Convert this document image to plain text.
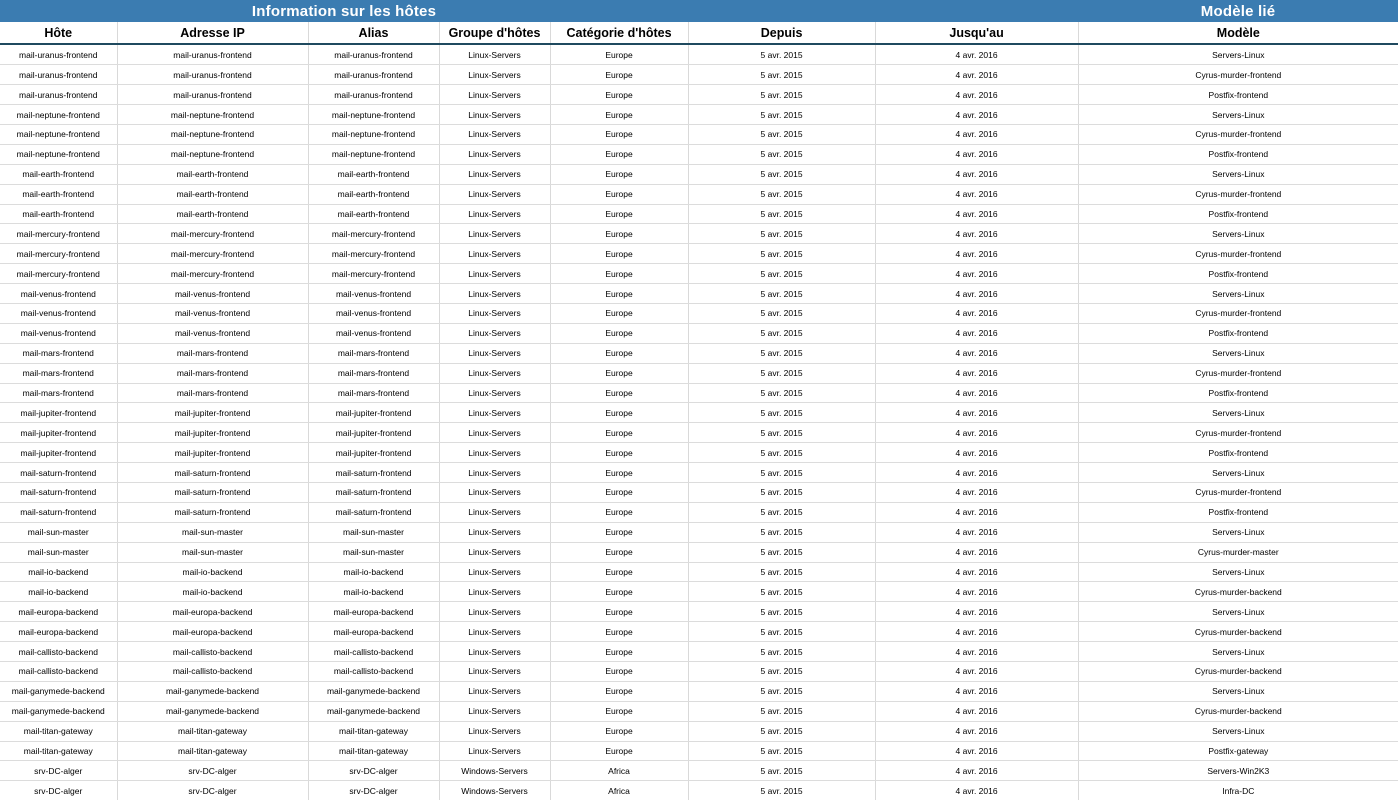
Information sur les hôtes							Modèle lié
Hôte	Adresse IP	Alias	Groupe d'hôtes	Catégorie d'hôtes	Depuis	Jusqu'au	Modèle
mail-uranus-frontend	mail-uranus-frontend	mail-uranus-frontend	Linux-Servers	Europe	5 avr. 2015	4 avr. 2016	Servers-Linux
mail-uranus-frontend	mail-uranus-frontend	mail-uranus-frontend	Linux-Servers	Europe	5 avr. 2015	4 avr. 2016	Cyrus-murder-frontend
mail-uranus-frontend	mail-uranus-frontend	mail-uranus-frontend	Linux-Servers	Europe	5 avr. 2015	4 avr. 2016	Postfix-frontend
mail-neptune-frontend	mail-neptune-frontend	mail-neptune-frontend	Linux-Servers	Europe	5 avr. 2015	4 avr. 2016	Servers-Linux
mail-neptune-frontend	mail-neptune-frontend	mail-neptune-frontend	Linux-Servers	Europe	5 avr. 2015	4 avr. 2016	Cyrus-murder-frontend
mail-neptune-frontend	mail-neptune-frontend	mail-neptune-frontend	Linux-Servers	Europe	5 avr. 2015	4 avr. 2016	Postfix-frontend
mail-earth-frontend	mail-earth-frontend	mail-earth-frontend	Linux-Servers	Europe	5 avr. 2015	4 avr. 2016	Servers-Linux
mail-earth-frontend	mail-earth-frontend	mail-earth-frontend	Linux-Servers	Europe	5 avr. 2015	4 avr. 2016	Cyrus-murder-frontend
mail-earth-frontend	mail-earth-frontend	mail-earth-frontend	Linux-Servers	Europe	5 avr. 2015	4 avr. 2016	Postfix-frontend
mail-mercury-frontend	mail-mercury-frontend	mail-mercury-frontend	Linux-Servers	Europe	5 avr. 2015	4 avr. 2016	Servers-Linux
mail-mercury-frontend	mail-mercury-frontend	mail-mercury-frontend	Linux-Servers	Europe	5 avr. 2015	4 avr. 2016	Cyrus-murder-frontend
mail-mercury-frontend	mail-mercury-frontend	mail-mercury-frontend	Linux-Servers	Europe	5 avr. 2015	4 avr. 2016	Postfix-frontend
mail-venus-frontend	mail-venus-frontend	mail-venus-frontend	Linux-Servers	Europe	5 avr. 2015	4 avr. 2016	Servers-Linux
mail-venus-frontend	mail-venus-frontend	mail-venus-frontend	Linux-Servers	Europe	5 avr. 2015	4 avr. 2016	Cyrus-murder-frontend
mail-venus-frontend	mail-venus-frontend	mail-venus-frontend	Linux-Servers	Europe	5 avr. 2015	4 avr. 2016	Postfix-frontend
mail-mars-frontend	mail-mars-frontend	mail-mars-frontend	Linux-Servers	Europe	5 avr. 2015	4 avr. 2016	Servers-Linux
mail-mars-frontend	mail-mars-frontend	mail-mars-frontend	Linux-Servers	Europe	5 avr. 2015	4 avr. 2016	Cyrus-murder-frontend
mail-mars-frontend	mail-mars-frontend	mail-mars-frontend	Linux-Servers	Europe	5 avr. 2015	4 avr. 2016	Postfix-frontend
mail-jupiter-frontend	mail-jupiter-frontend	mail-jupiter-frontend	Linux-Servers	Europe	5 avr. 2015	4 avr. 2016	Servers-Linux
mail-jupiter-frontend	mail-jupiter-frontend	mail-jupiter-frontend	Linux-Servers	Europe	5 avr. 2015	4 avr. 2016	Cyrus-murder-frontend
mail-jupiter-frontend	mail-jupiter-frontend	mail-jupiter-frontend	Linux-Servers	Europe	5 avr. 2015	4 avr. 2016	Postfix-frontend
mail-saturn-frontend	mail-saturn-frontend	mail-saturn-frontend	Linux-Servers	Europe	5 avr. 2015	4 avr. 2016	Servers-Linux
mail-saturn-frontend	mail-saturn-frontend	mail-saturn-frontend	Linux-Servers	Europe	5 avr. 2015	4 avr. 2016	Cyrus-murder-frontend
mail-saturn-frontend	mail-saturn-frontend	mail-saturn-frontend	Linux-Servers	Europe	5 avr. 2015	4 avr. 2016	Postfix-frontend
mail-sun-master	mail-sun-master	mail-sun-master	Linux-Servers	Europe	5 avr. 2015	4 avr. 2016	Servers-Linux
mail-sun-master	mail-sun-master	mail-sun-master	Linux-Servers	Europe	5 avr. 2015	4 avr. 2016	Cyrus-murder-master
mail-io-backend	mail-io-backend	mail-io-backend	Linux-Servers	Europe	5 avr. 2015	4 avr. 2016	Servers-Linux
mail-io-backend	mail-io-backend	mail-io-backend	Linux-Servers	Europe	5 avr. 2015	4 avr. 2016	Cyrus-murder-backend
mail-europa-backend	mail-europa-backend	mail-europa-backend	Linux-Servers	Europe	5 avr. 2015	4 avr. 2016	Servers-Linux
mail-europa-backend	mail-europa-backend	mail-europa-backend	Linux-Servers	Europe	5 avr. 2015	4 avr. 2016	Cyrus-murder-backend
mail-callisto-backend	mail-callisto-backend	mail-callisto-backend	Linux-Servers	Europe	5 avr. 2015	4 avr. 2016	Servers-Linux
mail-callisto-backend	mail-callisto-backend	mail-callisto-backend	Linux-Servers	Europe	5 avr. 2015	4 avr. 2016	Cyrus-murder-backend
mail-ganymede-backend	mail-ganymede-backend	mail-ganymede-backend	Linux-Servers	Europe	5 avr. 2015	4 avr. 2016	Servers-Linux
mail-ganymede-backend	mail-ganymede-backend	mail-ganymede-backend	Linux-Servers	Europe	5 avr. 2015	4 avr. 2016	Cyrus-murder-backend
mail-titan-gateway	mail-titan-gateway	mail-titan-gateway	Linux-Servers	Europe	5 avr. 2015	4 avr. 2016	Servers-Linux
mail-titan-gateway	mail-titan-gateway	mail-titan-gateway	Linux-Servers	Europe	5 avr. 2015	4 avr. 2016	Postfix-gateway
srv-DC-alger	srv-DC-alger	srv-DC-alger	Windows-Servers	Africa	5 avr. 2015	4 avr. 2016	Servers-Win2K3
srv-DC-alger	srv-DC-alger	srv-DC-alger	Windows-Servers	Africa	5 avr. 2015	4 avr. 2016	Infra-DC
